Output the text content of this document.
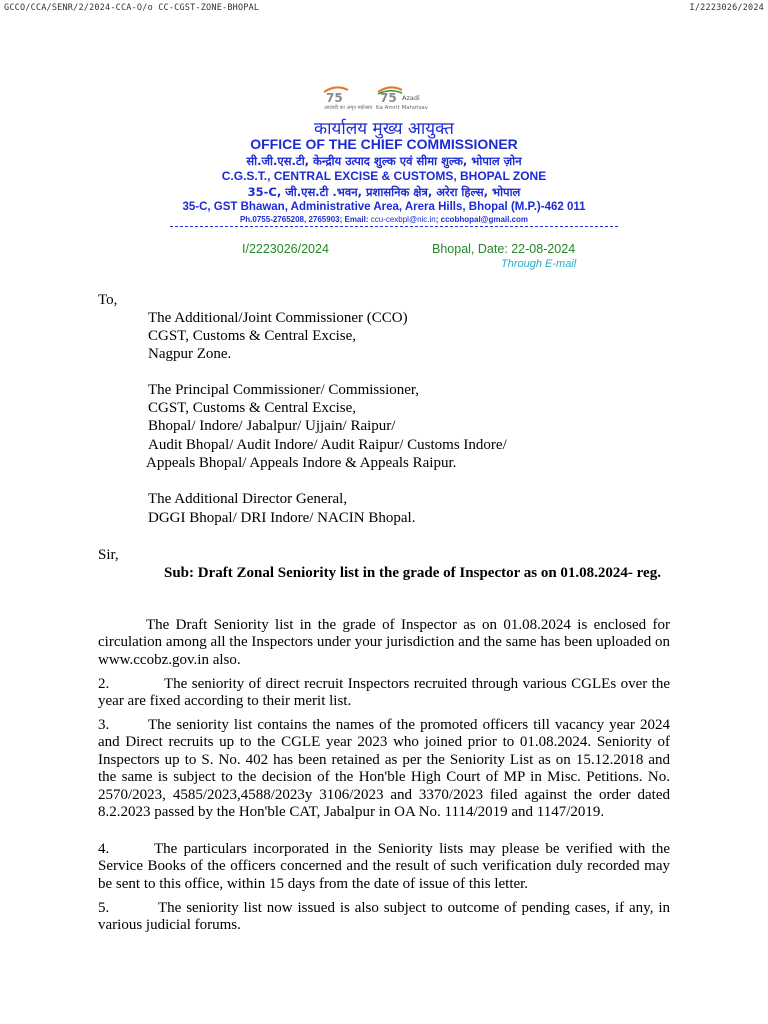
GCCO/CCA/SENR/2/2024-CCA-O/o CC-CGST-ZONE-BHOPAL	I/2223026/2024
75
आज़ादी का अमृत महोत्सव
75 Azadi
Ka Amrit Mahotsav
कार्यालय मुख्य आयुक्त
OFFICE OF THE CHIEF COMMISSIONER
सी.जी.एस.टी, केन्द्रीय उत्पाद शुल्क एवं सीमा शुल्क, भोपाल ज़ोन
C.G.S.T., CENTRAL EXCISE & CUSTOMS, BHOPAL ZONE
35-C, जी.एस.टी .भवन, प्रशासनिक क्षेत्र, अरेरा हिल्स, भोपाल
35-C, GST Bhawan, Administrative Area, Arera Hills, Bhopal (M.P.)-462 011
Ph.0755-2765208, 2765903; Email: ccu-cexbpl@nic.in; ccobhopal@gmail.com
I/2223026/2024	Bhopal, Date: 22-08-2024
Through E-mail
To,
The Additional/Joint Commissioner (CCO)
CGST, Customs & Central Excise,
Nagpur Zone.
The Principal Commissioner/ Commissioner,
CGST, Customs & Central Excise,
Bhopal/ Indore/ Jabalpur/ Ujjain/ Raipur/
Audit Bhopal/ Audit Indore/ Audit Raipur/ Customs Indore/
Appeals Bhopal/ Appeals Indore & Appeals Raipur.
The Additional Director General,
DGGI Bhopal/ DRI Indore/ NACIN Bhopal.
Sir,
Sub: Draft Zonal Seniority list in the grade of Inspector as on 01.08.2024- reg.
The Draft Seniority list in the grade of Inspector as on 01.08.2024 is enclosed for circulation among all the Inspectors under your jurisdiction and the same has been uploaded on www.ccobz.gov.in also.
2.	The seniority of direct recruit Inspectors recruited through various CGLEs over the year are fixed according to their merit list.
3.	The seniority list contains the names of the promoted officers till vacancy year 2024 and Direct recruits up to the CGLE year 2023 who joined prior to 01.08.2024. Seniority of Inspectors up to S. No. 402 has been retained as per the Seniority List as on 15.12.2018 and the same is subject to the decision of the Hon'ble High Court of MP in Misc. Petitions. No. 2570/2023, 4585/2023,4588/2023y 3106/2023 and 3370/2023 filed against the order dated 8.2.2023 passed by the Hon'ble CAT, Jabalpur in OA No. 1114/2019 and 1147/2019.
4.	The particulars incorporated in the Seniority lists may please be verified with the Service Books of the officers concerned and the result of such verification duly recorded may be sent to this office, within 15 days from the date of issue of this letter.
5.	The seniority list now issued is also subject to outcome of pending cases, if any, in various judicial forums.
